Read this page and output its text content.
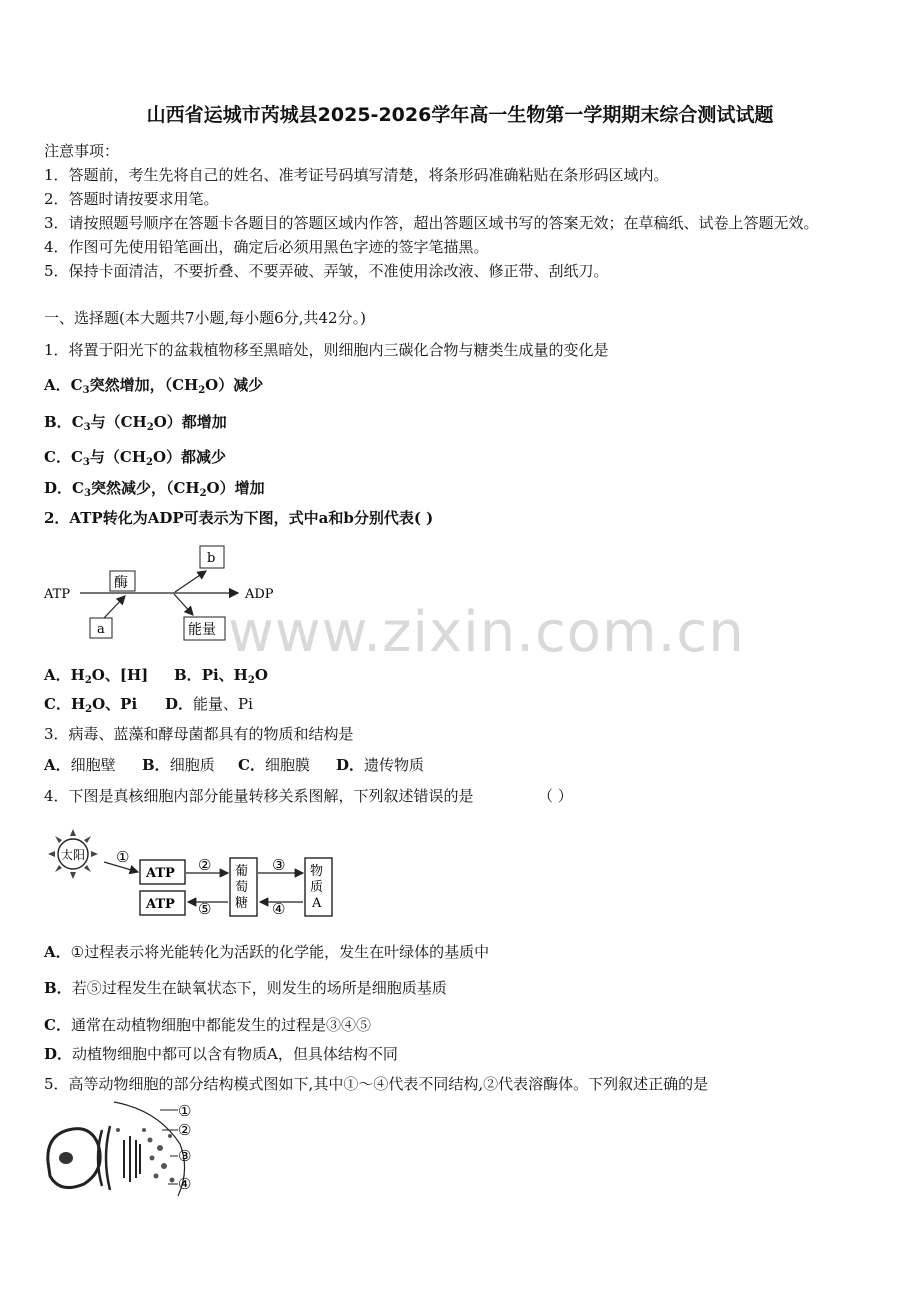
山西省运城市芮城县2025-2026学年高一生物第一学期期末综合测试试题
注意事项：
1．答题前，考生先将自己的姓名、准考证号码填写清楚，将条形码准确粘贴在条形码区域内。
2．答题时请按要求用笔。
3．请按照题号顺序在答题卡各题目的答题区域内作答，超出答题区域书写的答案无效；在草稿纸、试卷上答题无效。
4．作图可先使用铅笔画出，确定后必须用黑色字迹的签字笔描黑。
5．保持卡面清洁，不要折叠、不要弄破、弄皱，不准使用涂改液、修正带、刮纸刀。
一、选择题(本大题共7小题,每小题6分,共42分。)
1．将置于阳光下的盆栽植物移至黑暗处，则细胞内三碳化合物与糖类生成量的变化是
A．$C_3$突然增加，$(CH_2O)$减少
B．$C_3$与$(CH_2O)$都增加
C．$C_3$与$(CH_2O)$都减少
D．$C_3$突然减少，$(CH_2O)$增加
2．ATP转化为ADP可表示为下图，式中a和b分别代表( )
ATP	ADP
酶
a
b
能量 www.zixin.com.cn
A．$H_2O$、[H] B．Pi、$H_2O$
C．$H_2O$、Pi D．能量、Pi
3．病毒、蓝藻和酵母菌都具有的物质和结构是
A．细胞壁 B．细胞质 C．细胞膜 D．遗传物质
4．下图是真核细胞内部分能量转移关系图解，下列叙述错误的是	（ ）
太阳 ①
ATP
ATP
葡
萄
糖
物
质
A
②	③
④
⑤
A．①过程表示将光能转化为活跃的化学能，发生在叶绿体的基质中
B．若⑤过程发生在缺氧状态下，则发生的场所是细胞质基质
C．通常在动植物细胞中都能发生的过程是③④⑤
D．动植物细胞中都可以含有物质A，但具体结构不同
5．高等动物细胞的部分结构模式图如下,其中①～④代表不同结构,②代表溶酶体。下列叙述正确的是
①
②
③
④
